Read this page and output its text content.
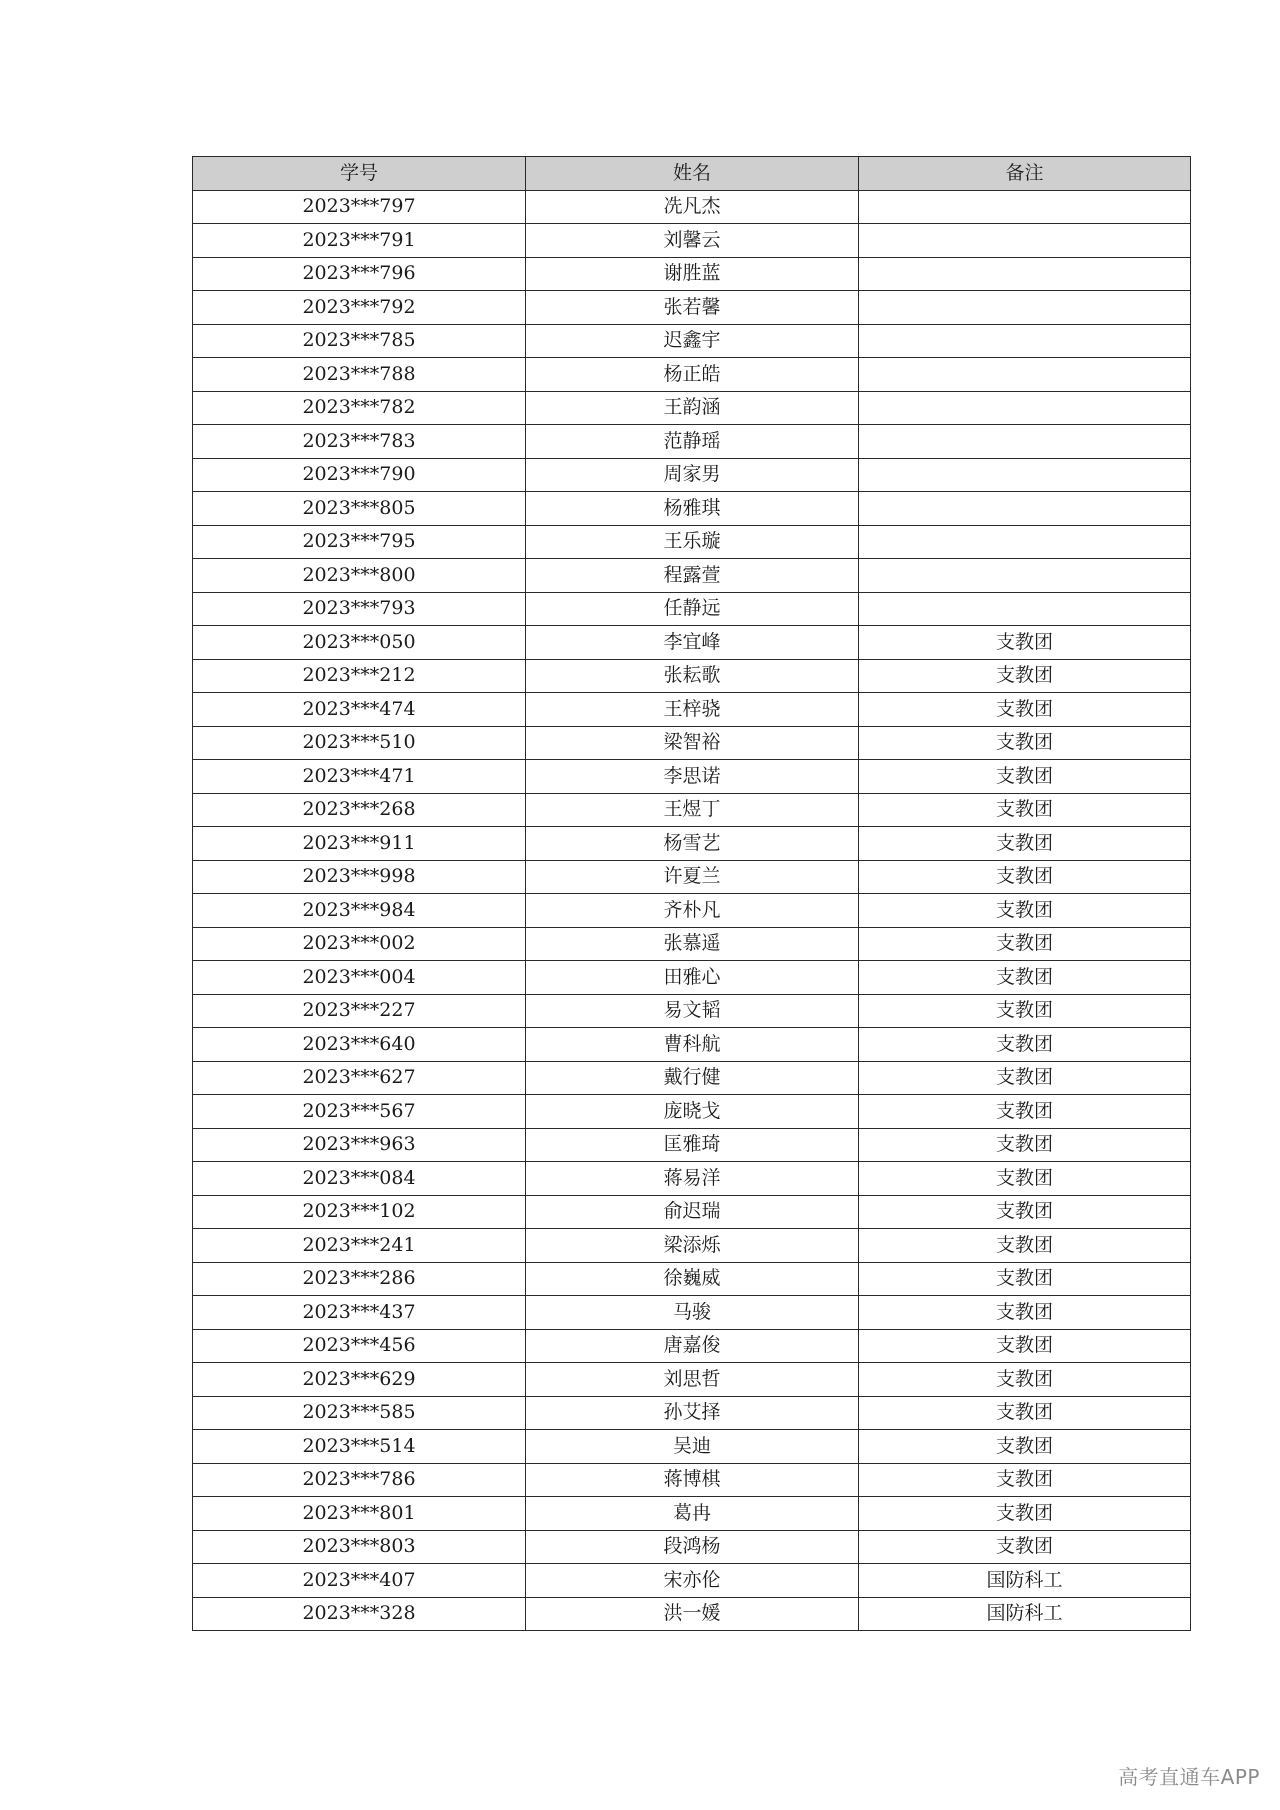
学号	姓名	备注
2023***797	冼凡杰	
2023***791	刘馨云	
2023***796	谢胜蓝	
2023***792	张若馨	
2023***785	迟鑫宇	
2023***788	杨正皓	
2023***782	王韵涵	
2023***783	范静瑶	
2023***790	周家男	
2023***805	杨雅琪	
2023***795	王乐璇	
2023***800	程露萱	
2023***793	任静远	
2023***050	李宜峰	支教团
2023***212	张耘歌	支教团
2023***474	王梓骁	支教团
2023***510	梁智裕	支教团
2023***471	李思诺	支教团
2023***268	王煜丁	支教团
2023***911	杨雪艺	支教团
2023***998	许夏兰	支教团
2023***984	齐朴凡	支教团
2023***002	张慕遥	支教团
2023***004	田雅心	支教团
2023***227	易文韬	支教团
2023***640	曹科航	支教团
2023***627	戴行健	支教团
2023***567	庞晓戈	支教团
2023***963	匡雅琦	支教团
2023***084	蒋易洋	支教团
2023***102	俞迟瑞	支教团
2023***241	梁添烁	支教团
2023***286	徐巍威	支教团
2023***437	马骏	支教团
2023***456	唐嘉俊	支教团
2023***629	刘思哲	支教团
2023***585	孙艾择	支教团
2023***514	吴迪	支教团
2023***786	蒋博棋	支教团
2023***801	葛冉	支教团
2023***803	段鸿杨	支教团
2023***407	宋亦伦	国防科工
2023***328	洪一媛	国防科工
高考直通车APP
